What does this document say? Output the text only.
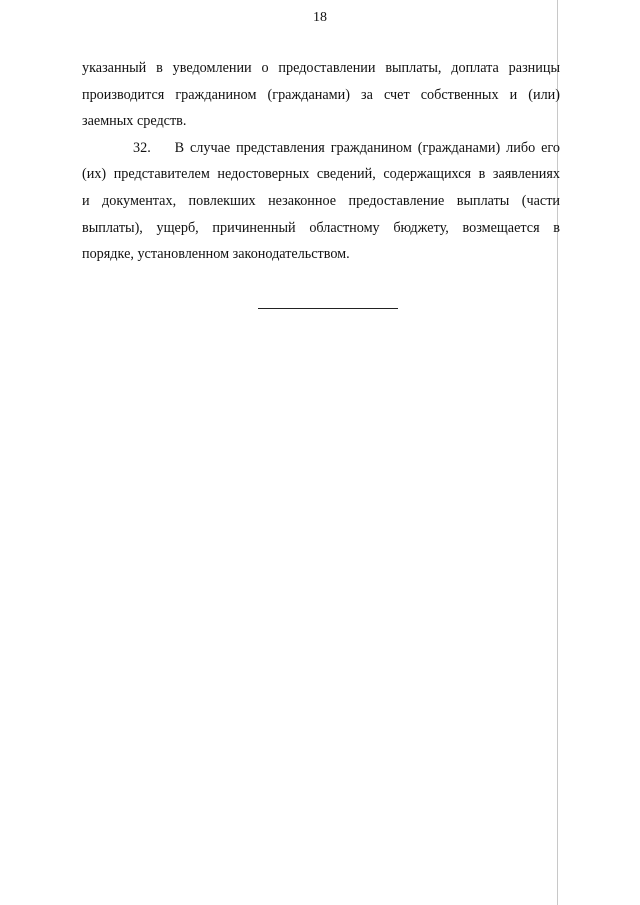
18
указанный в уведомлении о предоставлении выплаты, доплата разницы
производится гражданином (гражданами) за счет собственных и (или)
заемных средств.
32.    В случае представления гражданином (гражданами) либо его
(их) представителем недостоверных сведений, содержащихся в заявлениях
и документах, повлекших незаконное предоставление выплаты (части
выплаты), ущерб, причиненный областному бюджету, возмещается в
порядке, установленном законодательством.
